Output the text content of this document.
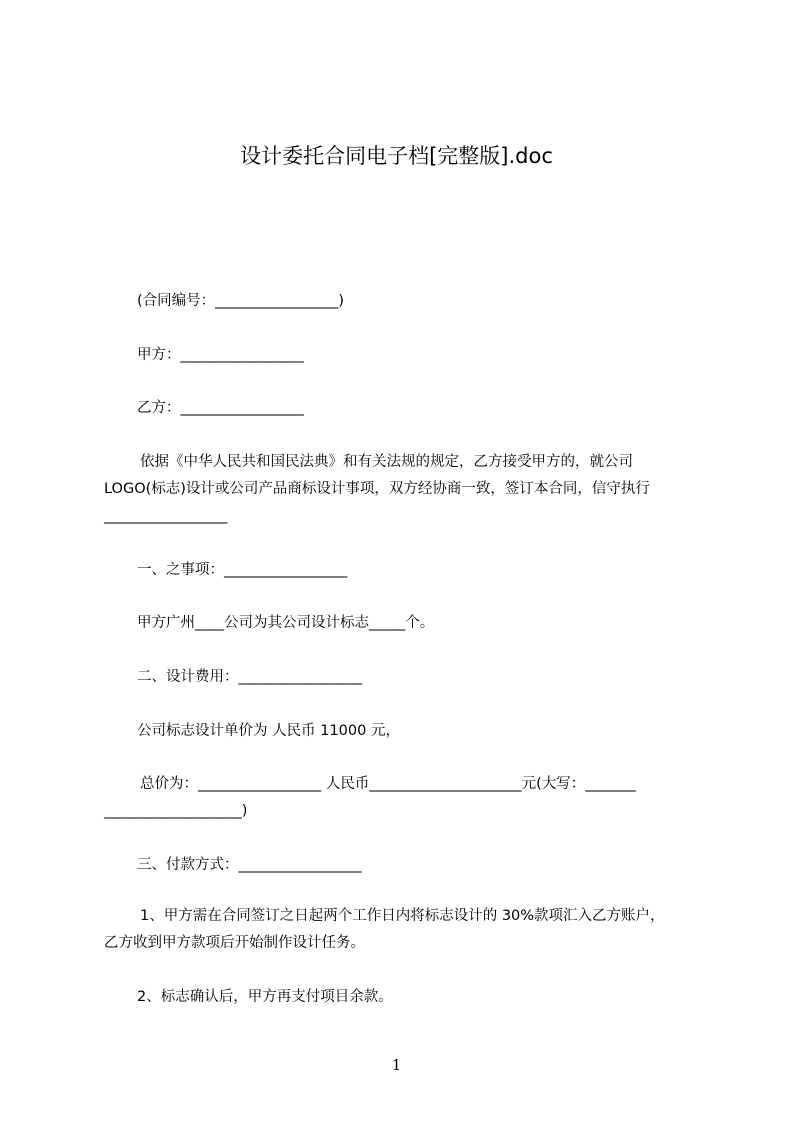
设计委托合同电子档[完整版].doc
(合同编号：_________________)
甲方：_________________
乙方：_________________
依据《中华人民共和国民法典》和有关法规的规定，乙方接受甲方的，就公司
LOGO(标志)设计或公司产品商标设计事项，双方经协商一致，签订本合同，信守执行
_________________
一、之事项：_________________
甲方广州____公司为其公司设计标志_____个。
二、设计费用：_________________
公司标志设计单价为 人民币 11000 元，
总价为：_________________ 人民币_____________________元(大写：_______
___________________)
三、付款方式：_________________
1、甲方需在合同签订之日起两个工作日内将标志设计的 30%款项汇入乙方账户，
乙方收到甲方款项后开始制作设计任务。
2、标志确认后，甲方再支付项目余款。
1
